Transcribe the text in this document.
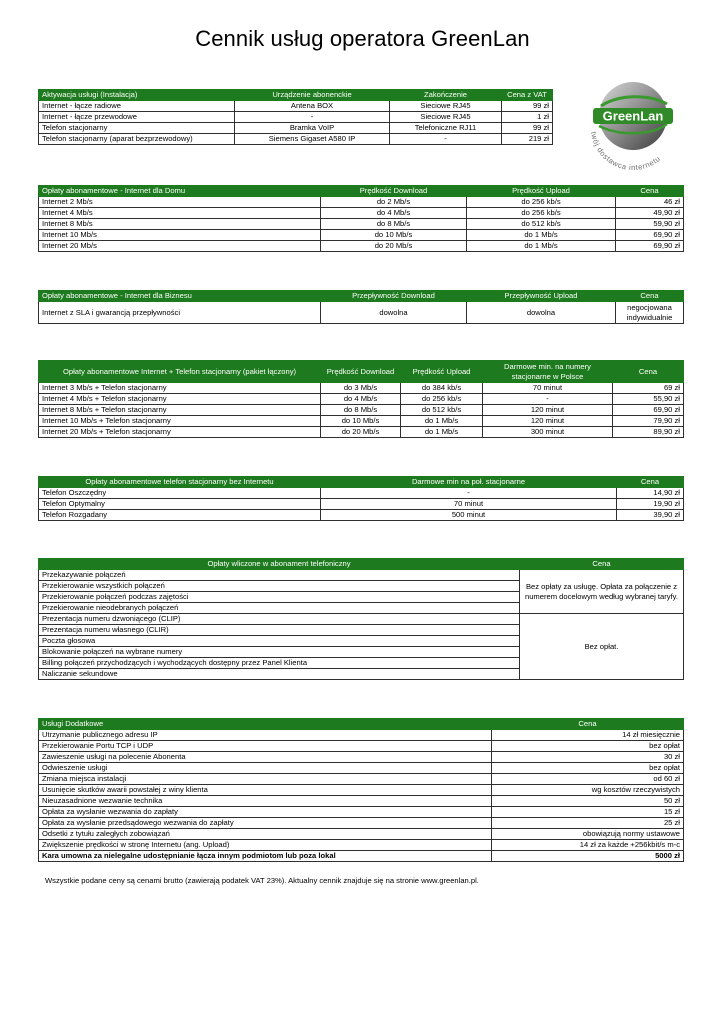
Cennik usług operatora GreenLan
Aktywacja usługi (Instalacja)	Urządzenie abonenckie	Zakończenie	Cena z VAT
Internet - łącze radiowe	Antena BOX	Sieciowe RJ45	99 zł
Internet - łącze przewodowe	-	Sieciowe RJ45	1 zł
Telefon stacjonarny	Bramka VoIP	Telefoniczne RJ11	99 zł
Telefon stacjonarny (aparat bezprzewodowy)	Siemens Gigaset A580 IP	-	219 zł
GreenLan
twój dostawca internetu
Opłaty abonamentowe - Internet dla Domu	Prędkość Download	Prędkość Upload	Cena
Internet 2 Mb/s	do 2 Mb/s	do 256 kb/s	46 zł
Internet 4 Mb/s	do 4 Mb/s	do 256 kb/s	49,90 zł
Internet 8 Mb/s	do 8 Mb/s	do 512 kb/s	59,90 zł
Internet 10 Mb/s	do 10 Mb/s	do 1 Mb/s	69,90 zł
Internet 20 Mb/s	do 20 Mb/s	do 1 Mb/s	69,90 zł
Opłaty abonamentowe - Internet dla Biznesu	Przepływność Download	Przepływność Upload	Cena
Internet z SLA i gwarancją przepływności	dowolna	dowolna	negocjowana indywidualnie
Opłaty abonamentowe Internet + Telefon stacjonarny (pakiet łączony)	Prędkość Download	Prędkość Upload	Darmowe min. na numery stacjonarne w Polsce	Cena
Internet 3 Mb/s + Telefon stacjonarny	do 3 Mb/s	do 384 kb/s	70 minut	69 zł
Internet 4 Mb/s + Telefon stacjonarny	do 4 Mb/s	do 256 kb/s	-	55,90 zł
Internet 8 Mb/s + Telefon stacjonarny	do 8 Mb/s	do 512 kb/s	120 minut	69,90 zł
Internet 10 Mb/s + Telefon stacjonarny	do 10 Mb/s	do 1 Mb/s	120 minut	79,90 zł
Internet 20 Mb/s + Telefon stacjonarny	do 20 Mb/s	do 1 Mb/s	300 minut	89,90 zł
Opłaty abonamentowe telefon stacjonarny bez Internetu	Darmowe min na poł. stacjonarne	Cena
Telefon Oszczędny	-	14,90 zł
Telefon Optymalny	70 minut	19,90 zł
Telefon Rozgadany	500 minut	39,90 zł
Opłaty wliczone w abonament telefoniczny	Cena
Przekazywanie połączeń	Bez opłaty za usługę. Opłata za połączenie z numerem docelowym według wybranej taryfy.
Przekierowanie wszystkich połączeń	
Przekierowanie połączeń podczas zajętości	
Przekierowanie nieodebranych połączeń	
Prezentacja numeru dzwoniącego (CLIP)	Bez opłat.
Prezentacja numeru własnego (CLIR)	
Poczta głosowa	
Blokowanie połączeń na wybrane numery	
Billing połączeń przychodzących i wychodzących dostępny przez Panel Klienta	
Naliczanie sekundowe	
Usługi Dodatkowe	Cena
Utrzymanie publicznego adresu IP	14 zł miesięcznie
Przekierowanie Portu TCP i UDP	bez opłat
Zawieszenie usługi na polecenie Abonenta	30 zł
Odwieszenie usługi	bez opłat
Zmiana miejsca instalacji	od 60 zł
Usunięcie skutków awarii powstałej z winy klienta	wg kosztów rzeczywistych
Nieuzasadnione wezwanie technika	50 zł
Opłata za wysłanie wezwania do zapłaty	15 zł
Opłata za wysłanie przedsądowego wezwania do zapłaty	25 zł
Odsetki z tytułu zaległych zobowiązań	obowiązują normy ustawowe
Zwiększenie prędkości w stronę Internetu (ang. Upload)	14 zł za każde +256kbit/s m-c
Kara umowna za nielegalne udostępnianie łącza innym podmiotom lub poza lokal	5000 zł

Wszystkie podane ceny są cenami brutto (zawierają podatek VAT 23%). Aktualny cennik znajduje się na stronie www.greenlan.pl.
